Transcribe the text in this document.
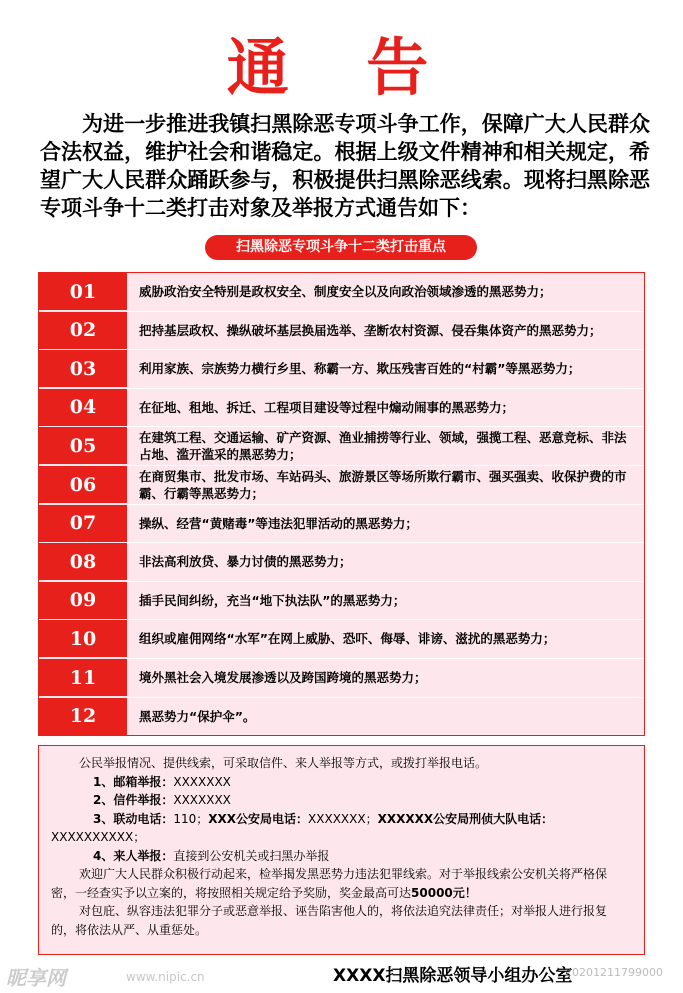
通 告

为进一步推进我镇扫黑除恶专项斗争工作，保障广大人民群众合法权益，维护社会和谐稳定。根据上级文件精神和相关规定，希望广大人民群众踊跃参与，积极提供扫黑除恶线索。现将扫黑除恶专项斗争十二类打击对象及举报方式通告如下：

扫黑除恶专项斗争十二类打击重点
01	威胁政治安全特别是政权安全、制度安全以及向政治领域渗透的黑恶势力；
02	把持基层政权、操纵破坏基层换届选举、垄断农村资源、侵吞集体资产的黑恶势力；
03	利用家族、宗族势力横行乡里、称霸一方、欺压残害百姓的“村霸”等黑恶势力；
04	在征地、租地、拆迁、工程项目建设等过程中煽动闹事的黑恶势力；
05	在建筑工程、交通运输、矿产资源、渔业捕捞等行业、领域，强揽工程、恶意竞标、非法占地、滥开滥采的黑恶势力；
06	在商贸集市、批发市场、车站码头、旅游景区等场所欺行霸市、强买强卖、收保护费的市霸、行霸等黑恶势力；
07	操纵、经营“黄赌毒”等违法犯罪活动的黑恶势力；
08	非法高利放贷、暴力讨债的黑恶势力；
09	插手民间纠纷，充当“地下执法队”的黑恶势力；
10	组织或雇佣网络“水军”在网上威胁、恐吓、侮辱、诽谤、滋扰的黑恶势力；
11	境外黑社会入境发展渗透以及跨国跨境的黑恶势力；
12	黑恶势力“保护伞”。

公民举报情况、提供线索，可采取信件、来人举报等方式，或拨打举报电话。

1、邮箱举报：XXXXXXX

2、信件举报：XXXXXXX

3、联动电话：110；XXX公安局电话：XXXXXXX；XXXXXX公安局刑侦大队电话：XXXXXXXXXX；

4、来人举报：直接到公安机关或扫黑办举报

欢迎广大人民群众积极行动起来，检举揭发黑恶势力违法犯罪线索。对于举报线索公安机关将严格保密，一经查实予以立案的，将按照相关规定给予奖励，奖金最高可达50000元！

对包庇、纵容违法犯罪分子或恶意举报、诬告陷害他人的，将依法追究法律责任；对举报人进行报复的，将依法从严、从重惩处。

XXXX扫黑除恶领导小组办公室
昵享网	www.nipic.cn	20201211799000
